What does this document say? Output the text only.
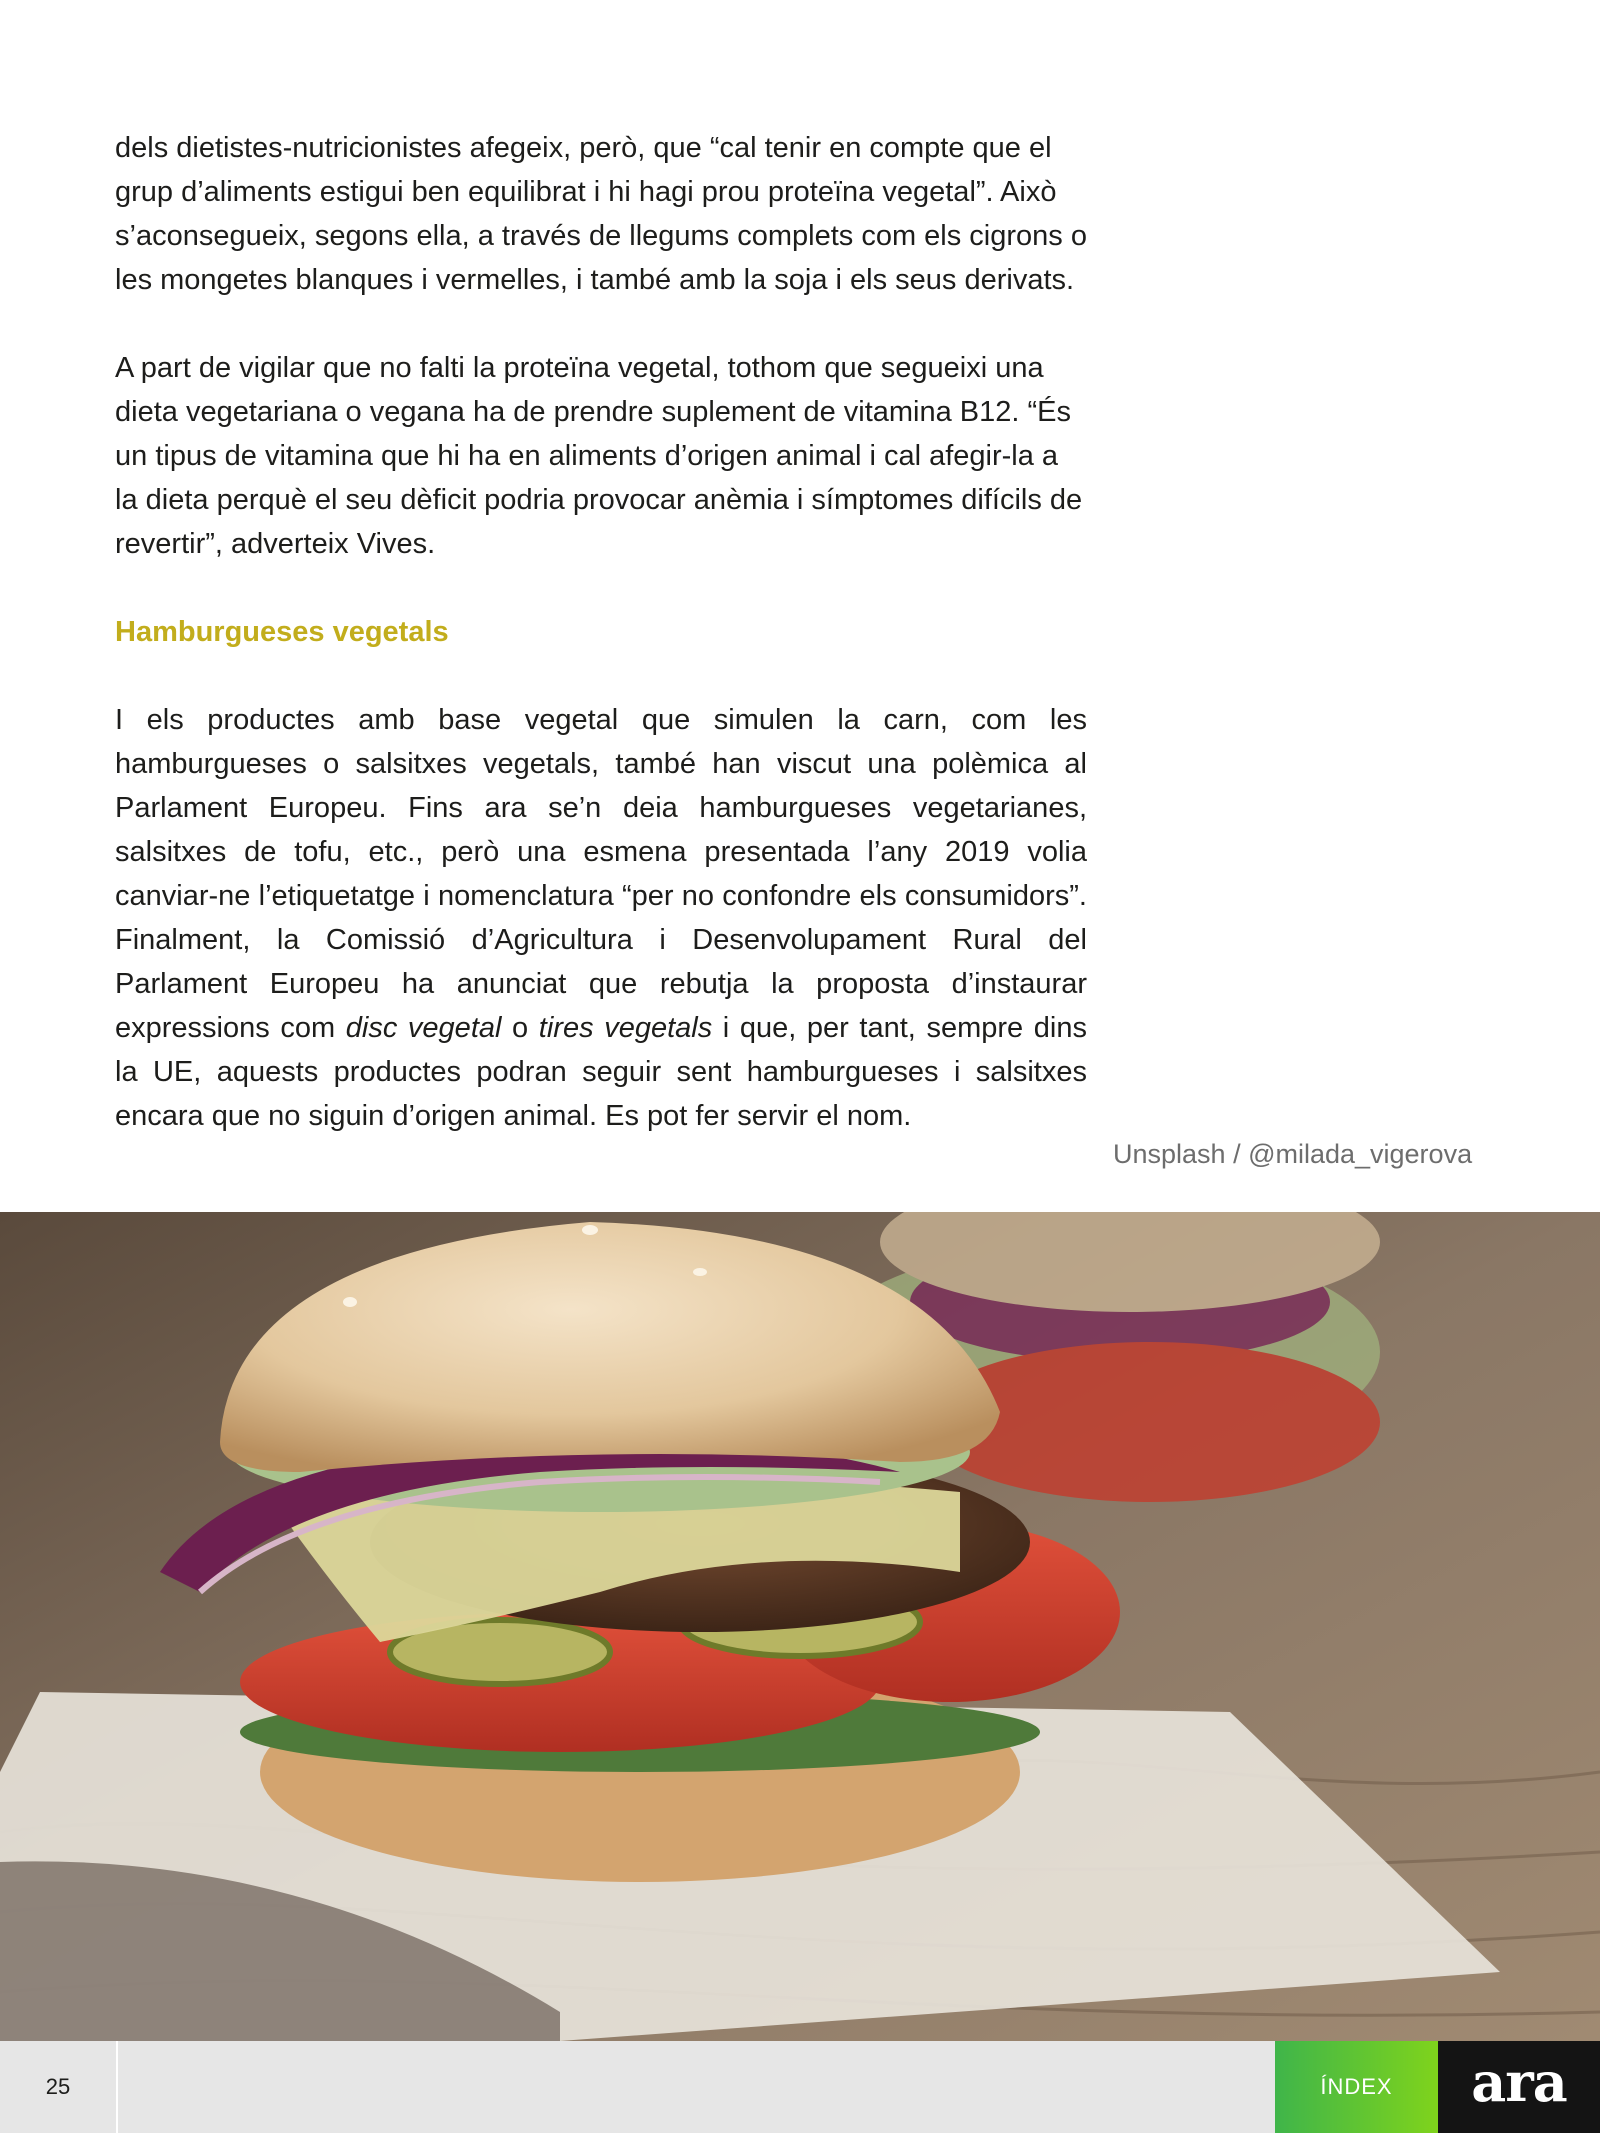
dels dietistes-nutricionistes afegeix, però, que “cal tenir en compte que el grup d’aliments estigui ben equilibrat i hi hagi prou proteïna vegetal”. Això s’aconsegueix, segons ella, a través de llegums complets com els cigrons o les mongetes blanques i vermelles, i també amb la soja i els seus derivats.

A part de vigilar que no falti la proteïna vegetal, tothom que segueixi una dieta vegetariana o vegana ha de prendre suplement de vitamina B12. “És un tipus de vitamina que hi ha en aliments d’origen animal i cal afegir-la a la dieta perquè el seu dèficit podria provocar anèmia i símptomes difícils de revertir”, adverteix Vives.

Hamburgueses vegetals

I els productes amb base vegetal que simulen la carn, com les hamburgueses o salsitxes vegetals, també han viscut una polèmica al Parlament Europeu. Fins ara se’n deia hamburgueses vegetarianes, salsitxes de tofu, etc., però una esmena presentada l’any 2019 volia canviar-ne l’etiquetatge i nomenclatura “per no confondre els consumidors”. Finalment, la Comissió d’Agricultura i Desenvolupament Rural del Parlament Europeu ha anunciat que rebutja la proposta d’instaurar expressions com disc vegetal o tires vegetals i que, per tant, sempre dins la UE, aquests productes podran seguir sent hamburgueses i salsitxes encara que no siguin d’origen animal. Es pot fer servir el nom.

Unsplash / @milada_vigerova
25	ÍNDEX	ara
